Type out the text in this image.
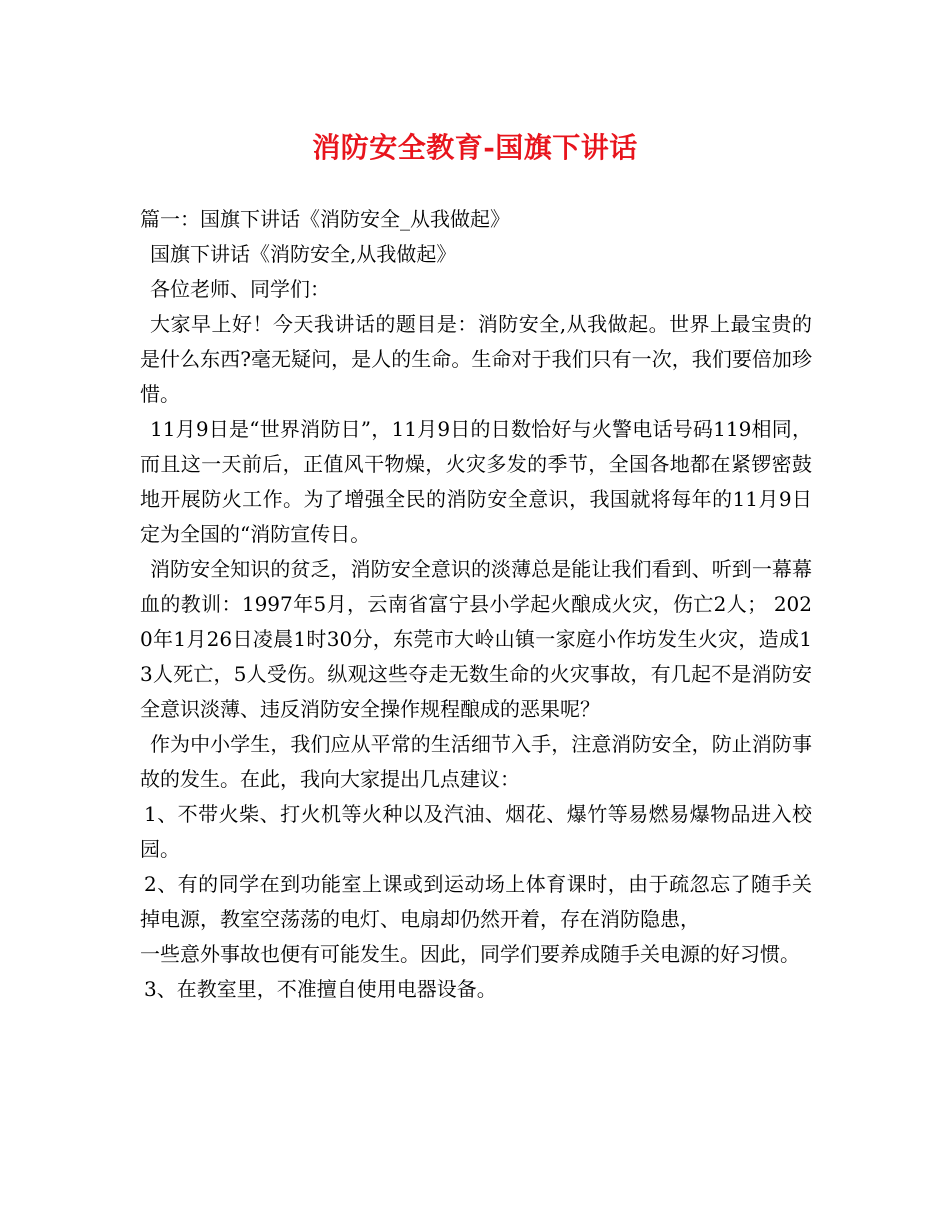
消防安全教育-国旗下讲话

篇一：国旗下讲话《消防安全_从我做起》

国旗下讲话《消防安全,从我做起》

各位老师、同学们：

大家早上好！今天我讲话的题目是：消防安全,从我做起。世界上最宝贵的是什么东西?毫无疑问，是人的生命。生命对于我们只有一次，我们要倍加珍惜。

11月9日是“世界消防日”，11月9日的日数恰好与火警电话号码119相同，而且这一天前后，正值风干物燥，火灾多发的季节，全国各地都在紧锣密鼓地开展防火工作。为了增强全民的消防安全意识，我国就将每年的11月9日定为全国的“消防宣传日。

消防安全知识的贫乏，消防安全意识的淡薄总是能让我们看到、听到一幕幕血的教训：1997年5月，云南省富宁县小学起火酿成火灾，伤亡2人； 2020年1月26日凌晨1时30分，东莞市大岭山镇一家庭小作坊发生火灾，造成13人死亡，5人受伤。纵观这些夺走无数生命的火灾事故，有几起不是消防安全意识淡薄、违反消防安全操作规程酿成的恶果呢？

作为中小学生，我们应从平常的生活细节入手，注意消防安全，防止消防事故的发生。在此，我向大家提出几点建议：

1、不带火柴、打火机等火种以及汽油、烟花、爆竹等易燃易爆物品进入校园。

2、有的同学在到功能室上课或到运动场上体育课时，由于疏忽忘了随手关掉电源，教室空荡荡的电灯、电扇却仍然开着，存在消防隐患，

一些意外事故也便有可能发生。因此，同学们要养成随手关电源的好习惯。

3、在教室里，不准擅自使用电器设备。
